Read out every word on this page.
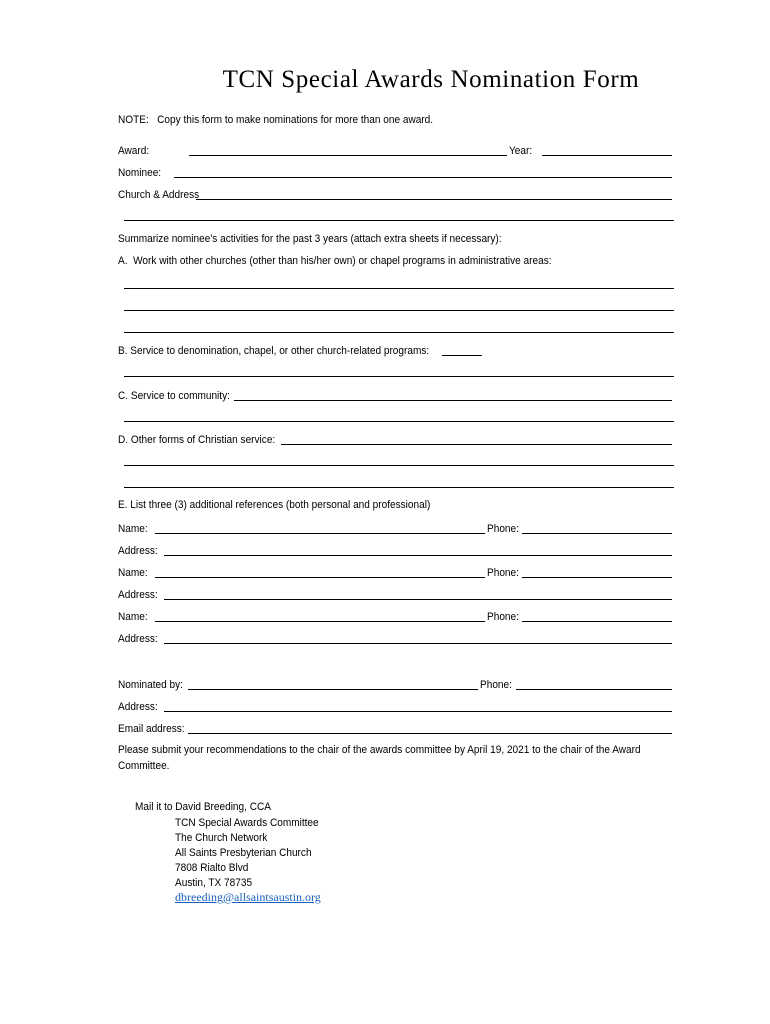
TCN Special Awards Nomination Form
NOTE:   Copy this form to make nominations for more than one award.
Award:	Year:
Nominee:
Church & Address
Summarize nominee's activities for the past 3 years (attach extra sheets if necessary):
A.  Work with other churches (other than his/her own) or chapel programs in administrative areas:
B. Service to denomination, chapel, or other church-related programs:
C. Service to community:
D. Other forms of Christian service:
E. List three (3) additional references (both personal and professional)
Name:	Phone:
Address:
Name:	Phone:
Address:
Name:	Phone:
Address:
Nominated by:	Phone:
Address:
Email address:
Please submit your recommendations to the chair of the awards committee by April 19, 2021 to the chair of the Award Committee.
Mail it to David Breeding, CCA
TCN Special Awards Committee
The Church Network
All Saints Presbyterian Church
7808 Rialto Blvd
Austin, TX 78735
dbreeding@allsaintsaustin.org
